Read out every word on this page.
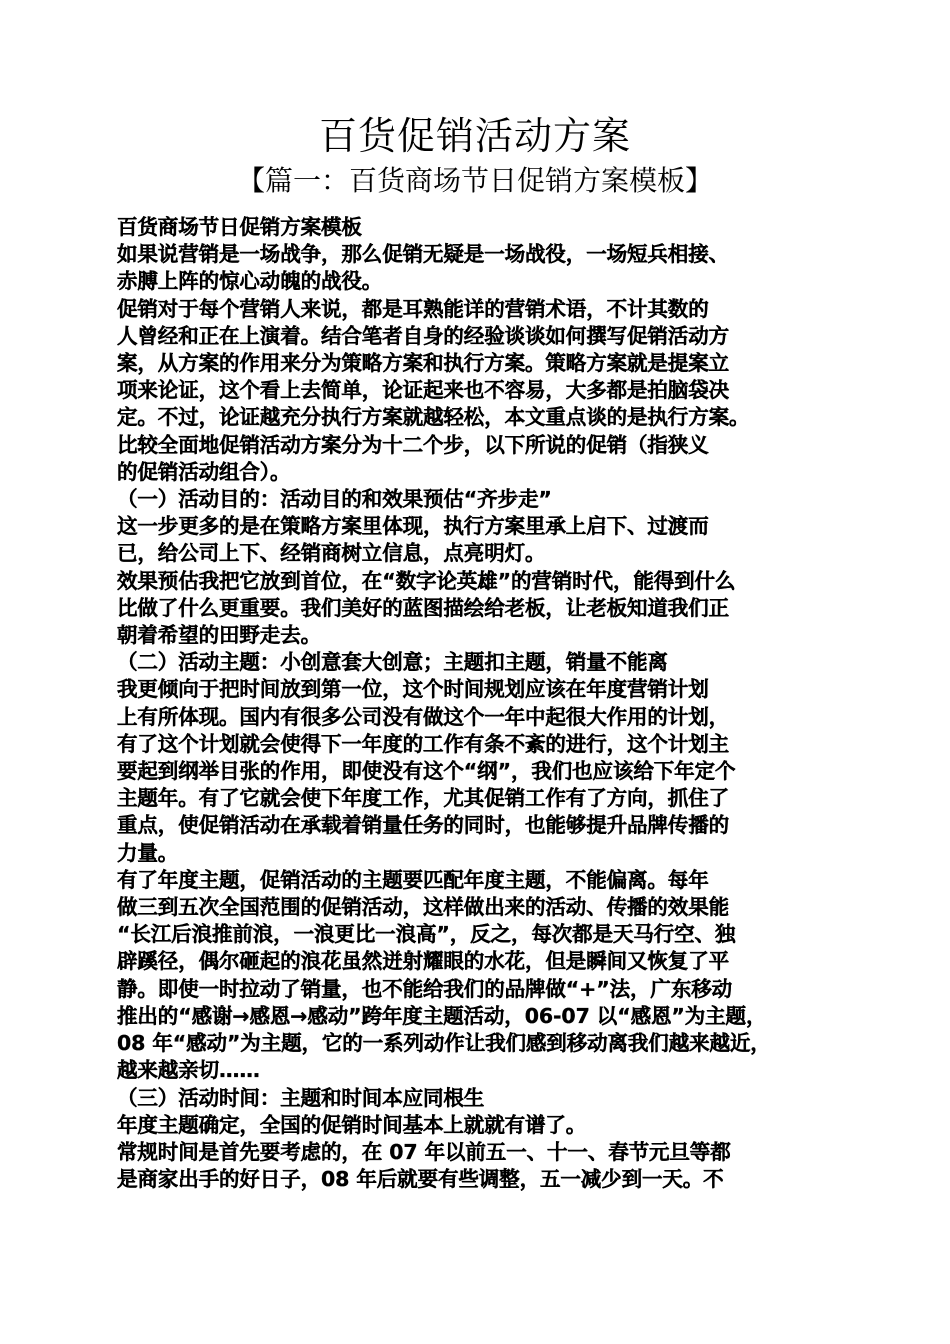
百货促销活动方案
【篇一：百货商场节日促销方案模板】
百货商场节日促销方案模板
如果说营销是一场战争，那么促销无疑是一场战役，一场短兵相接、
赤膊上阵的惊心动魄的战役。
促销对于每个营销人来说，都是耳熟能详的营销术语，不计其数的
人曾经和正在上演着。结合笔者自身的经验谈谈如何撰写促销活动方
案，从方案的作用来分为策略方案和执行方案。策略方案就是提案立
项来论证，这个看上去简单，论证起来也不容易，大多都是拍脑袋决
定。不过，论证越充分执行方案就越轻松，本文重点谈的是执行方案。
比较全面地促销活动方案分为十二个步，以下所说的促销（指狭义
的促销活动组合）。
（一）活动目的：活动目的和效果预估“齐步走”
这一步更多的是在策略方案里体现，执行方案里承上启下、过渡而
已，给公司上下、经销商树立信息，点亮明灯。
效果预估我把它放到首位，在“数字论英雄”的营销时代，能得到什么
比做了什么更重要。我们美好的蓝图描绘给老板，让老板知道我们正
朝着希望的田野走去。
（二）活动主题：小创意套大创意；主题扣主题，销量不能离
我更倾向于把时间放到第一位，这个时间规划应该在年度营销计划
上有所体现。国内有很多公司没有做这个一年中起很大作用的计划，
有了这个计划就会使得下一年度的工作有条不紊的进行，这个计划主
要起到纲举目张的作用，即使没有这个“纲”，我们也应该给下年定个
主题年。有了它就会使下年度工作，尤其促销工作有了方向，抓住了
重点，使促销活动在承载着销量任务的同时，也能够提升品牌传播的
力量。
有了年度主题，促销活动的主题要匹配年度主题，不能偏离。每年
做三到五次全国范围的促销活动，这样做出来的活动、传播的效果能
“长江后浪推前浪，一浪更比一浪高”，反之，每次都是天马行空、独
辟蹊径，偶尔砸起的浪花虽然迸射耀眼的水花，但是瞬间又恢复了平
静。即使一时拉动了销量，也不能给我们的品牌做“+”法，广东移动
推出的“感谢→感恩→感动”跨年度主题活动，06-07 以“感恩”为主题，
08 年“感动”为主题，它的一系列动作让我们感到移动离我们越来越近，
越来越亲切……
（三）活动时间：主题和时间本应同根生
年度主题确定，全国的促销时间基本上就就有谱了。
常规时间是首先要考虑的，在 07 年以前五一、十一、春节元旦等都
是商家出手的好日子，08 年后就要有些调整，五一减少到一天。不
